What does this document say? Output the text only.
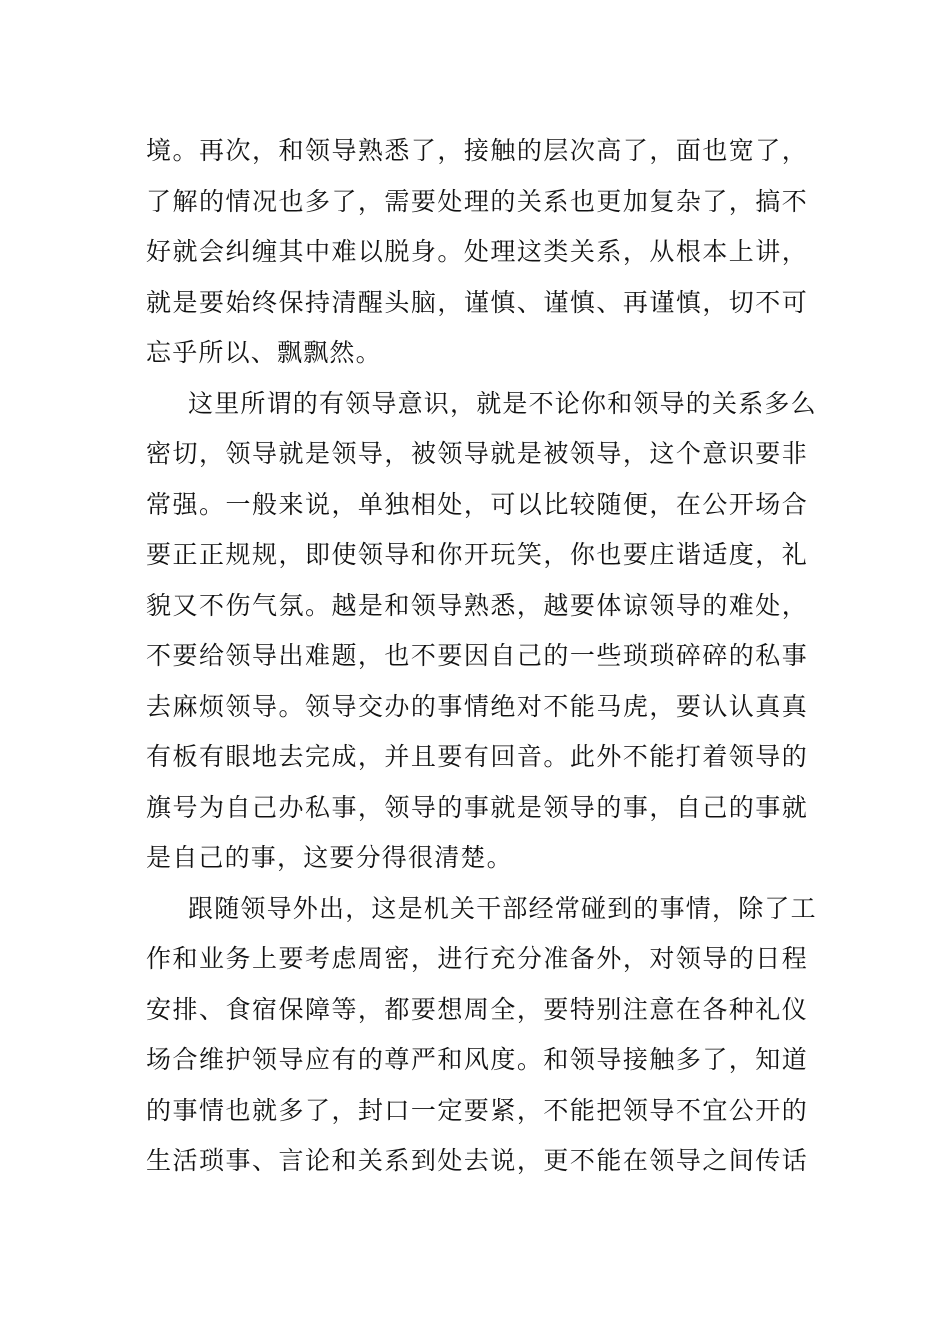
境。再次，和领导熟悉了，接触的层次高了，面也宽了，
了解的情况也多了，需要处理的关系也更加复杂了，搞不
好就会纠缠其中难以脱身。处理这类关系，从根本上讲，
就是要始终保持清醒头脑，谨慎、谨慎、再谨慎，切不可
忘乎所以、飘飘然。
这里所谓的有领导意识，就是不论你和领导的关系多么
密切，领导就是领导，被领导就是被领导，这个意识要非
常强。一般来说，单独相处，可以比较随便，在公开场合
要正正规规，即使领导和你开玩笑，你也要庄谐适度，礼
貌又不伤气氛。越是和领导熟悉，越要体谅领导的难处，
不要给领导出难题，也不要因自己的一些琐琐碎碎的私事
去麻烦领导。领导交办的事情绝对不能马虎，要认认真真
有板有眼地去完成，并且要有回音。此外不能打着领导的
旗号为自己办私事，领导的事就是领导的事，自己的事就
是自己的事，这要分得很清楚。
跟随领导外出，这是机关干部经常碰到的事情，除了工
作和业务上要考虑周密，进行充分准备外，对领导的日程
安排、食宿保障等，都要想周全，要特别注意在各种礼仪
场合维护领导应有的尊严和风度。和领导接触多了，知道
的事情也就多了，封口一定要紧，不能把领导不宜公开的
生活琐事、言论和关系到处去说，更不能在领导之间传话
